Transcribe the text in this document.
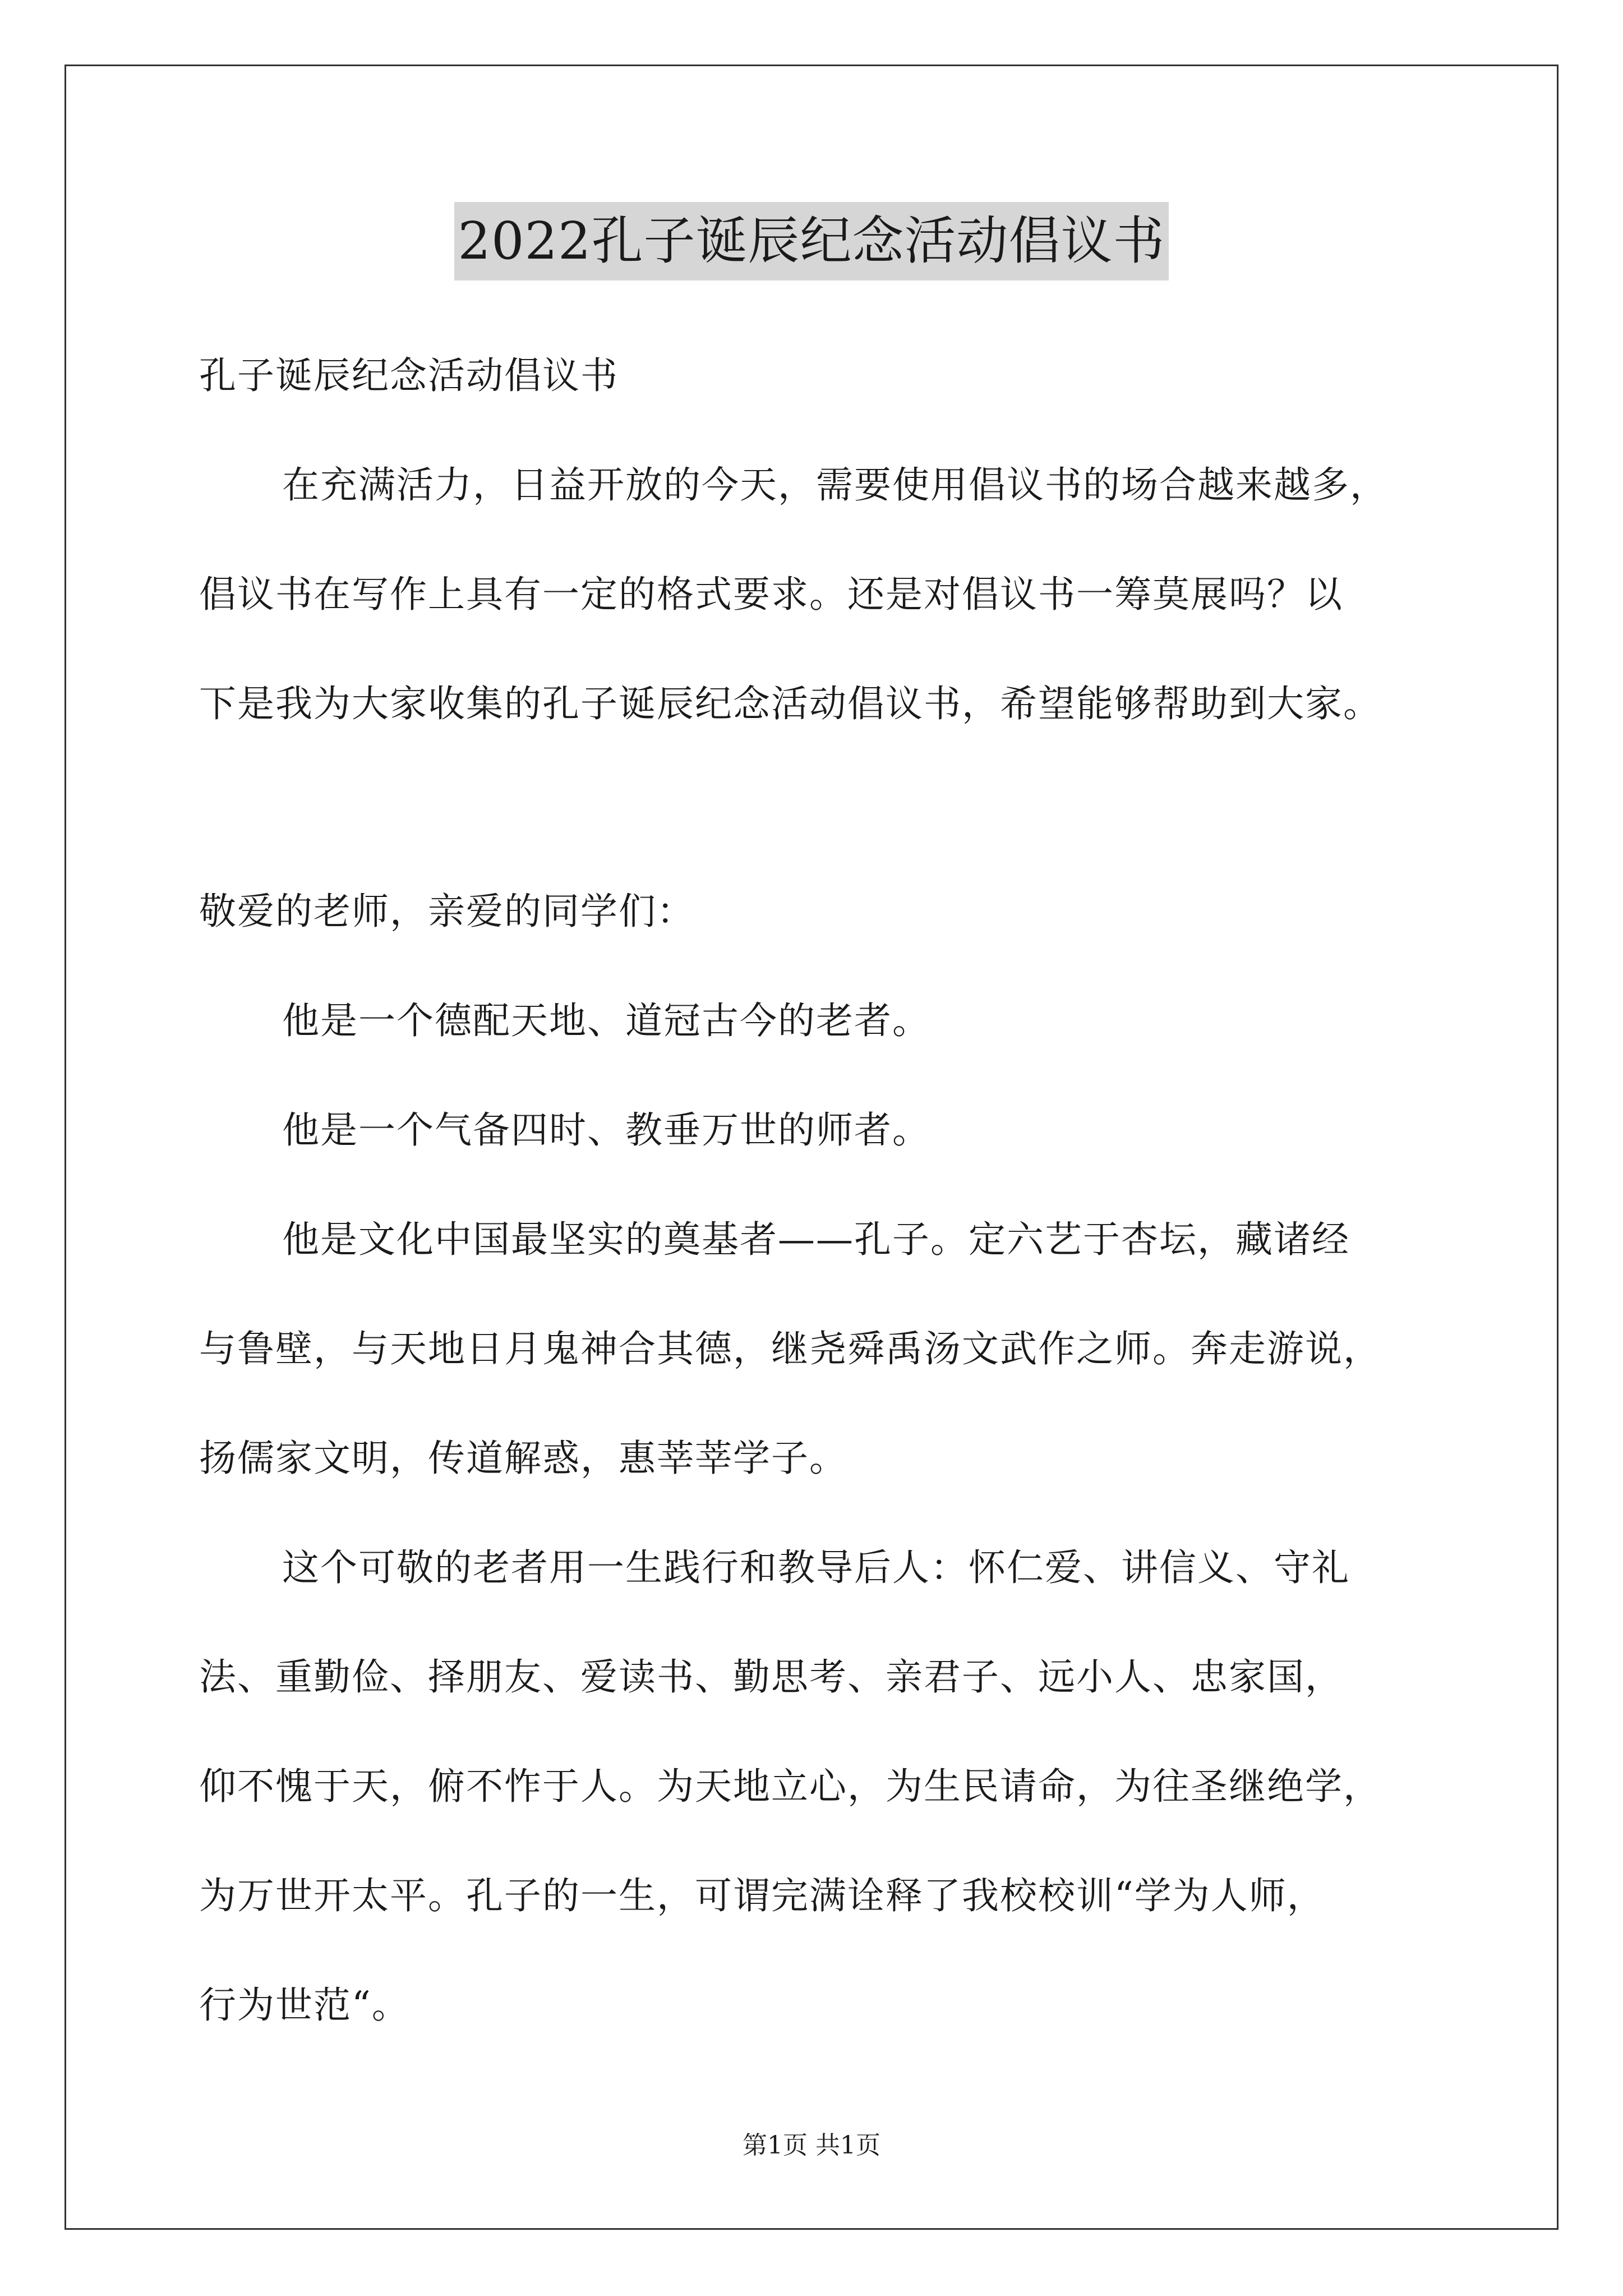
2022孔子诞辰纪念活动倡议书
孔子诞辰纪念活动倡议书
在充满活力，日益开放的今天，需要使用倡议书的场合越来越多，
倡议书在写作上具有一定的格式要求。还是对倡议书一筹莫展吗？以
下是我为大家收集的孔子诞辰纪念活动倡议书，希望能够帮助到大家。
敬爱的老师，亲爱的同学们：
他是一个德配天地、道冠古今的老者。
他是一个气备四时、教垂万世的师者。
他是文化中国最坚实的奠基者——孔子。定六艺于杏坛，藏诸经
与鲁壁，与天地日月鬼神合其德，继尧舜禹汤文武作之师。奔走游说，
扬儒家文明，传道解惑，惠莘莘学子。
这个可敬的老者用一生践行和教导后人：怀仁爱、讲信义、守礼
法、重勤俭、择朋友、爱读书、勤思考、亲君子、远小人、忠家国，
仰不愧于天，俯不怍于人。为天地立心，为生民请命，为往圣继绝学，
为万世开太平。孔子的一生，可谓完满诠释了我校校训“学为人师，
行为世范“。
第1页 共1页
